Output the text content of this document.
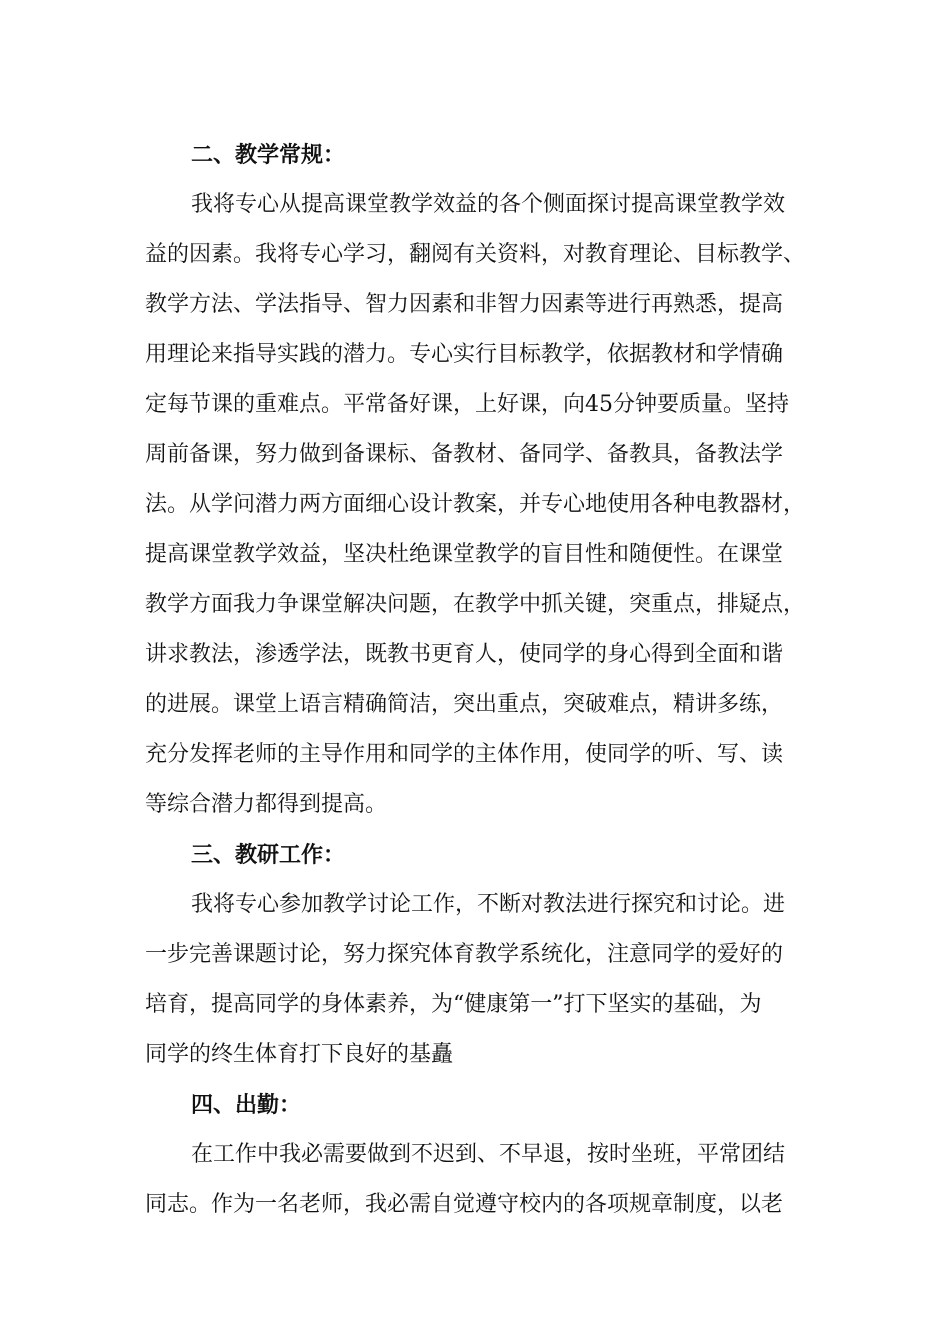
二、教学常规：
我将专心从提高课堂教学效益的各个侧面探讨提高课堂教学效
益的因素。我将专心学习，翻阅有关资料，对教育理论、目标教学、
教学方法、学法指导、智力因素和非智力因素等进行再熟悉，提高
用理论来指导实践的潜力。专心实行目标教学，依据教材和学情确
定每节课的重难点。平常备好课，上好课，向45分钟要质量。坚持
周前备课，努力做到备课标、备教材、备同学、备教具，备教法学
法。从学问潜力两方面细心设计教案，并专心地使用各种电教器材，
提高课堂教学效益，坚决杜绝课堂教学的盲目性和随便性。在课堂
教学方面我力争课堂解决问题，在教学中抓关键，突重点，排疑点，
讲求教法，渗透学法，既教书更育人，使同学的身心得到全面和谐
的进展。课堂上语言精确简洁，突出重点，突破难点，精讲多练，
充分发挥老师的主导作用和同学的主体作用，使同学的听、写、读
等综合潜力都得到提高。
三、教研工作：
我将专心参加教学讨论工作，不断对教法进行探究和讨论。进
一步完善课题讨论，努力探究体育教学系统化，注意同学的爱好的
培育，提高同学的身体素养，为“健康第一”打下坚实的基础，为
同学的终生体育打下良好的基矗
四、出勤：
在工作中我必需要做到不迟到、不早退，按时坐班，平常团结
同志。作为一名老师，我必需自觉遵守校内的各项规章制度，以老
